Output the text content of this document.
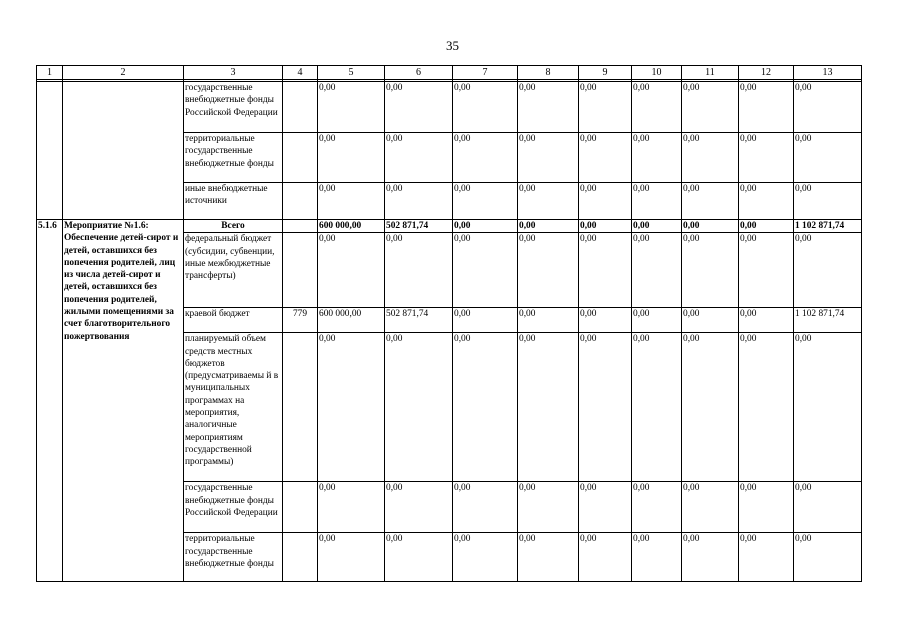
35
1	2	3	4	5	6	7	8	9	10	11	12	13

		государственные внебюджетные фонды Российской Федерации		0,00	0,00	0,00	0,00	0,00	0,00	0,00	0,00	0,00
		территориальные государственные внебюджетные фонды		0,00	0,00	0,00	0,00	0,00	0,00	0,00	0,00	0,00
		иные внебюджетные источники		0,00	0,00	0,00	0,00	0,00	0,00	0,00	0,00	0,00
5.1.6	Мероприятие №1.6: Обеспечение детей-сирот и детей, оставшихся без попечения родителей, лиц из числа детей-сирот и детей, оставшихся без попечения родителей, жилыми помещениями за счет благотворительного пожертвования	Всего		600 000,00	502 871,74	0,00	0,00	0,00	0,00	0,00	0,00	1 102 871,74
		федеральный бюджет (субсидии, субвенции, иные межбюджетные трансферты)		0,00	0,00	0,00	0,00	0,00	0,00	0,00	0,00	0,00
		краевой бюджет	779	600 000,00	502 871,74	0,00	0,00	0,00	0,00	0,00	0,00	1 102 871,74
		планируемый объем средств местных бюджетов (предусматриваемы й в муниципальных программах на мероприятия, аналогичные мероприятиям государственной программы)		0,00	0,00	0,00	0,00	0,00	0,00	0,00	0,00	0,00
		государственные внебюджетные фонды Российской Федерации		0,00	0,00	0,00	0,00	0,00	0,00	0,00	0,00	0,00
		территориальные государственные внебюджетные фонды		0,00	0,00	0,00	0,00	0,00	0,00	0,00	0,00	0,00
